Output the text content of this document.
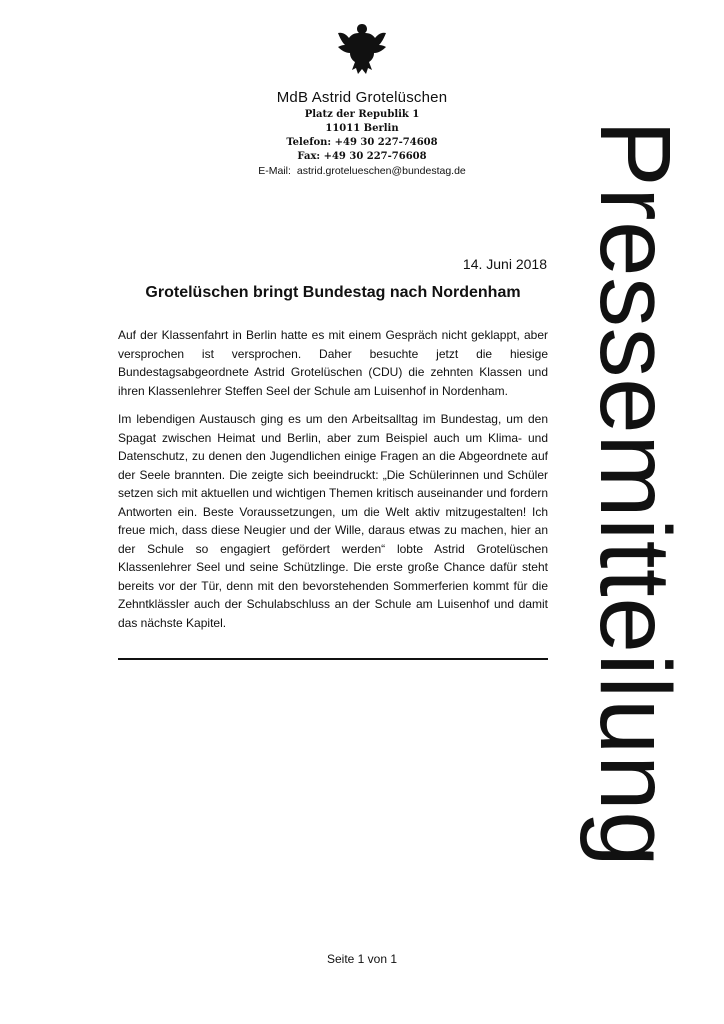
MdB Astrid Grotelüschen
Platz der Republik 1
11011 Berlin
Telefon: +49 30 227-74608
Fax: +49 30 227-76608
E-Mail: astrid.grotelueschen@bundestag.de	Pressemitteilung
14. Juni 2018
Grotelüschen bringt Bundestag nach Nordenham

Auf der Klassenfahrt in Berlin hatte es mit einem Gespräch nicht geklappt, aber versprochen ist versprochen. Daher besuchte jetzt die hiesige Bundestagsabgeordnete Astrid Grotelüschen (CDU) die zehnten Klassen und ihren Klassenlehrer Steffen Seel der Schule am Luisenhof in Nordenham.

Im lebendigen Austausch ging es um den Arbeitsalltag im Bundestag, um den Spagat zwischen Heimat und Berlin, aber zum Beispiel auch um Klima- und Datenschutz, zu denen den Jugendlichen einige Fragen an die Abgeordnete auf der Seele brannten. Die zeigte sich beeindruckt: „Die Schülerinnen und Schüler setzen sich mit aktuellen und wichtigen Themen kritisch auseinander und fordern Antworten ein. Beste Voraussetzungen, um die Welt aktiv mitzugestalten! Ich freue mich, dass diese Neugier und der Wille, daraus etwas zu machen, hier an der Schule so engagiert gefördert werden“ lobte Astrid Grotelüschen Klassenlehrer Seel und seine Schützlinge. Die erste große Chance dafür steht bereits vor der Tür, denn mit den bevorstehenden Sommerferien kommt für die Zehntklässler auch der Schulabschluss an der Schule am Luisenhof und damit das nächste Kapitel.

Seite 1 von 1
